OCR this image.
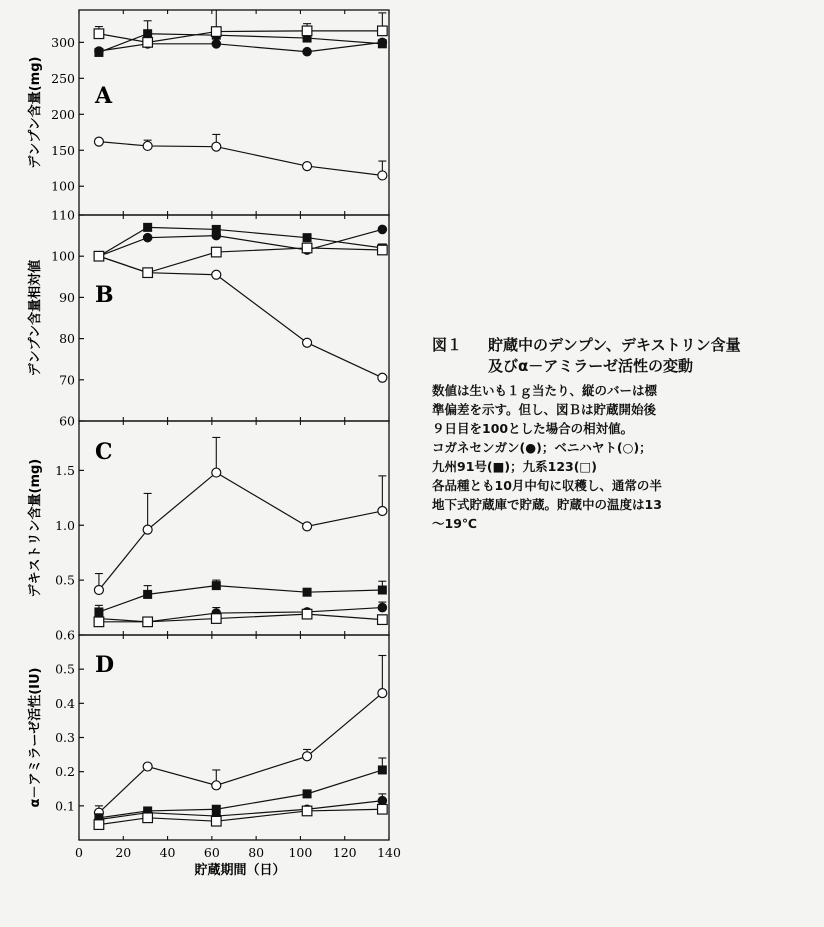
100
150
200
250
300
デンプン含量(mg) A
60
70
80
90
100
110
デンプン含量相対値 B
0.5
1.0
1.5
デキストリン含量(mg)
C
0.1
0.2
0.3
0.4
0.5
0.6
α－アミラーゼ活性(IU)
D
0	20 40 60 80 100 120 140
貯蔵期間（日）
図１	貯蔵中のデンプン、デキストリン含量
及びα－アミラーゼ活性の変動
数値は生いも１ｇ当たり、縦のバーは標
準偏差を示す。但し、図Ｂは貯蔵開始後
９日目を100とした場合の相対値。
コガネセンガン(●)；ベニハヤト(○)；
九州91号(■)；九系123(□)
各品種とも10月中旬に収穫し、通常の半
地下式貯蔵庫で貯蔵。貯蔵中の温度は13
～19℃
